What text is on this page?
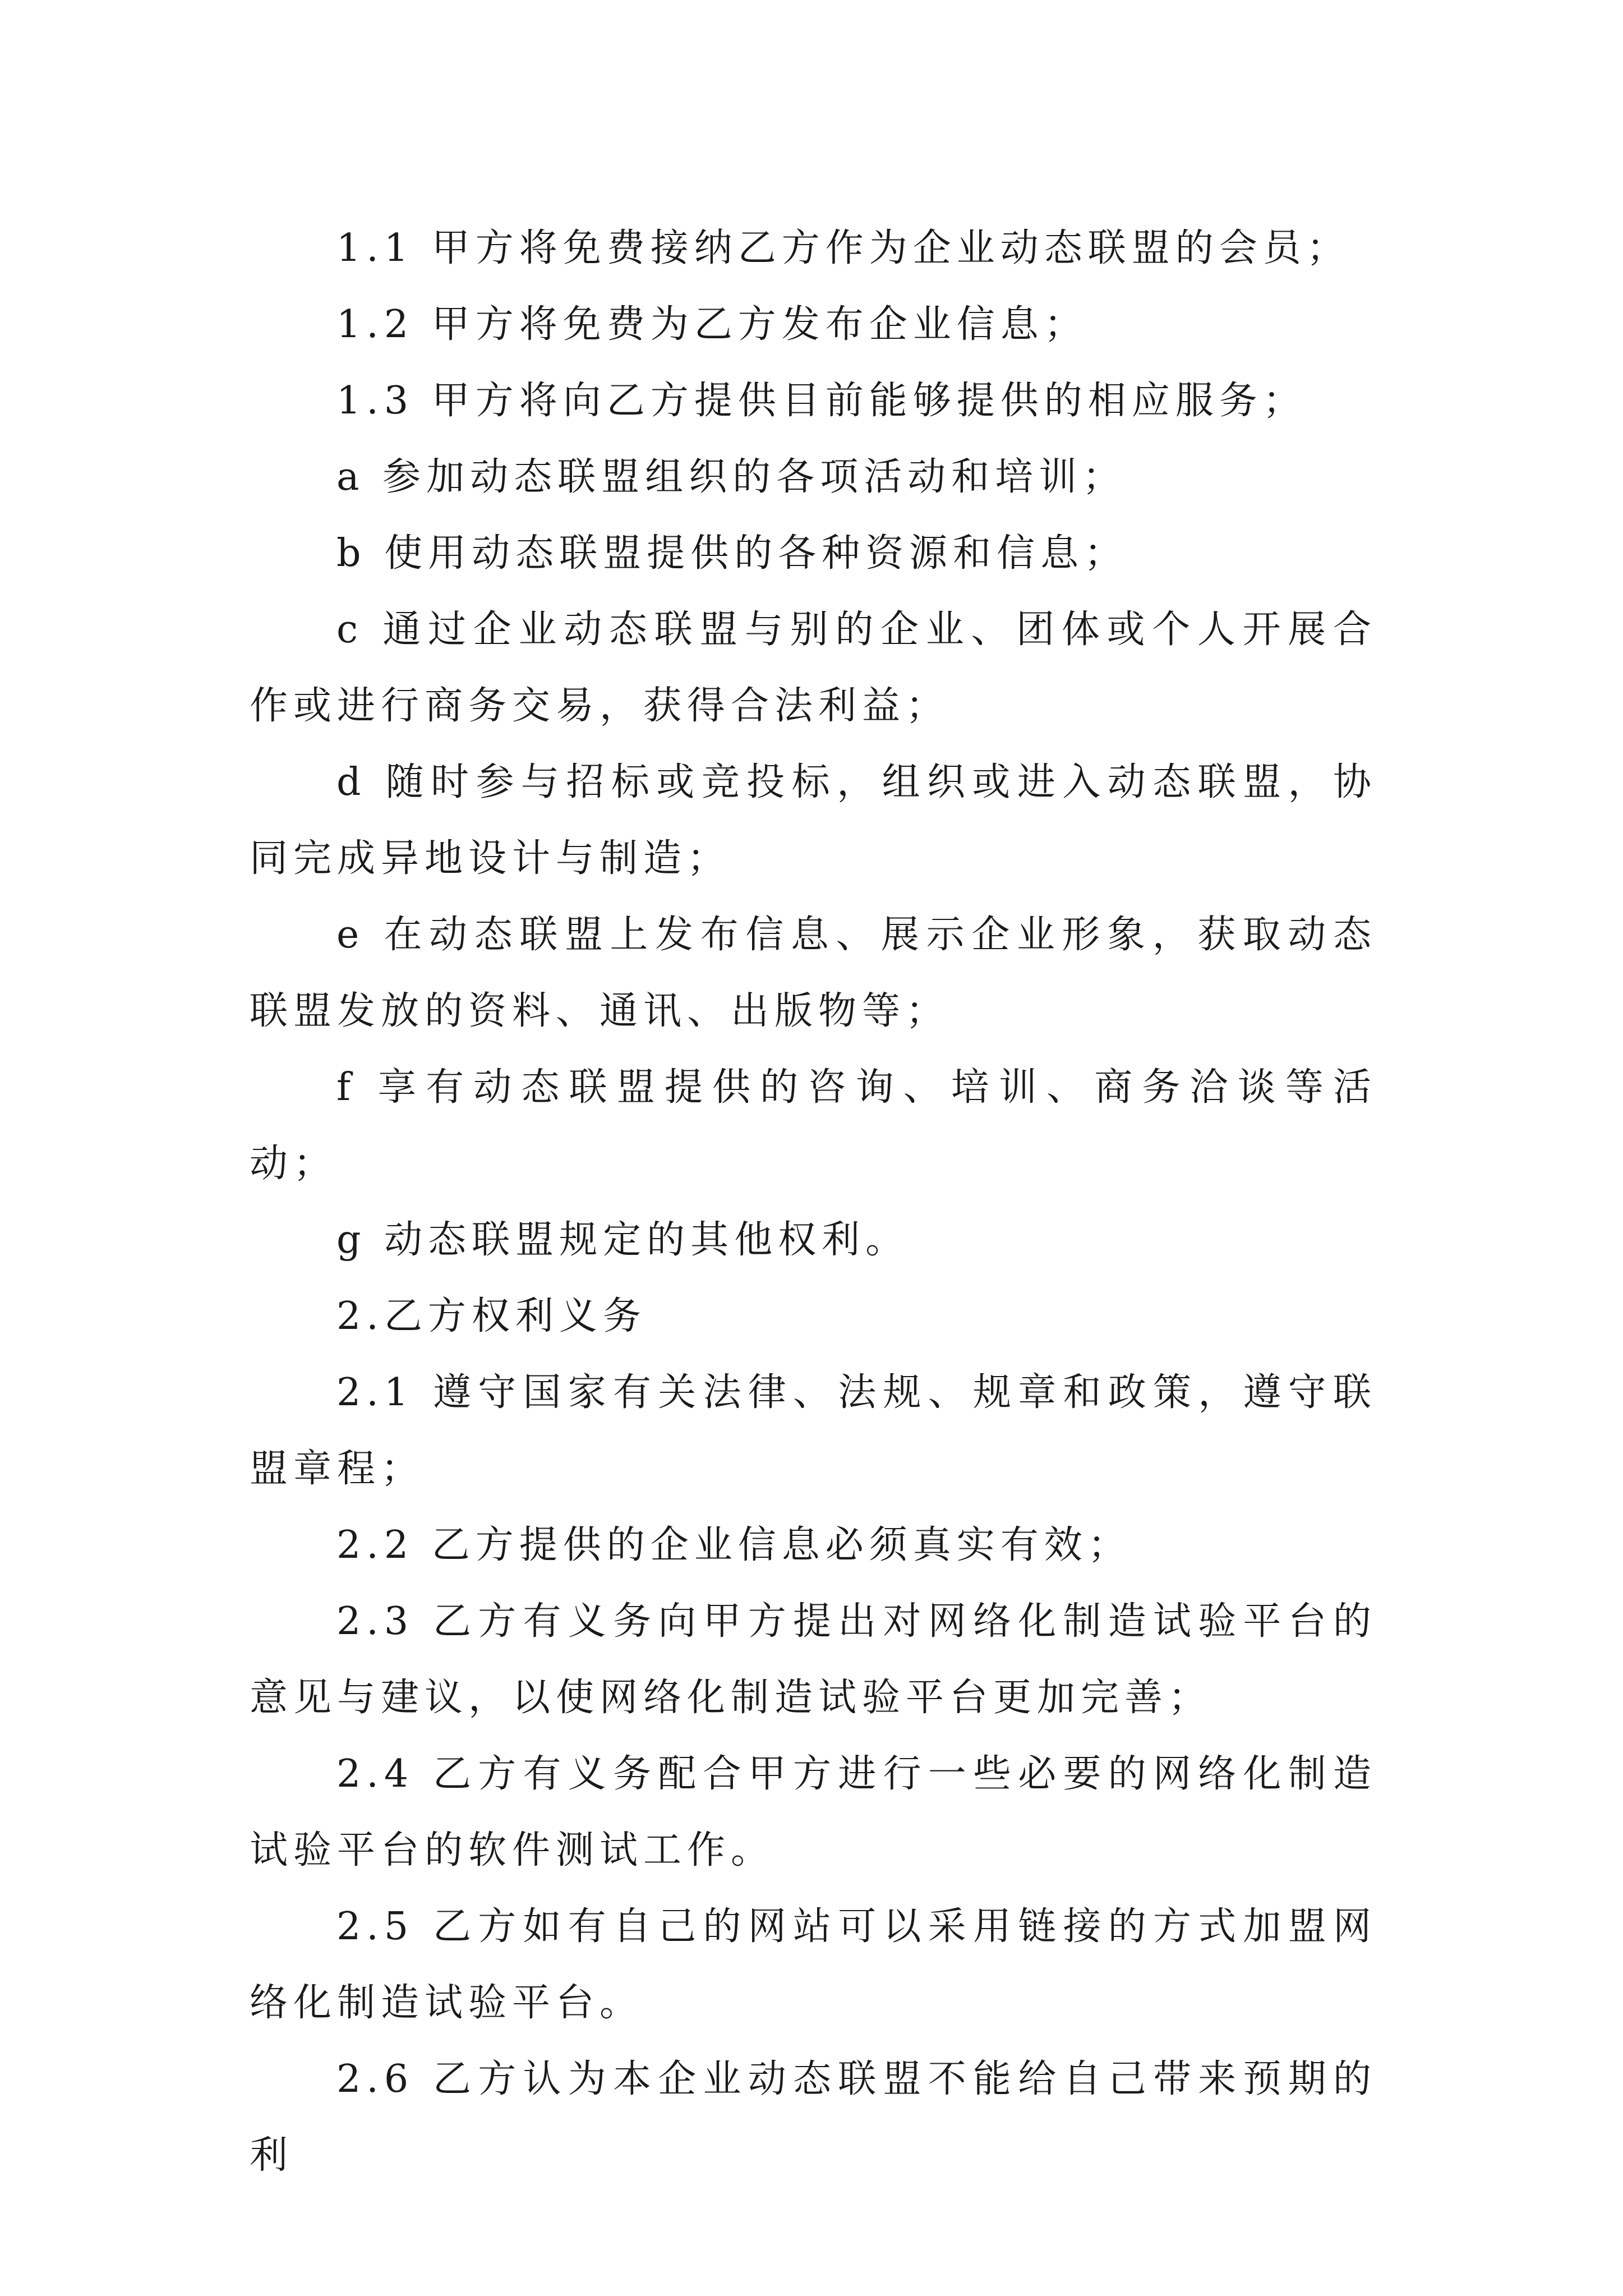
1.1 甲方将免费接纳乙方作为企业动态联盟的会员；

1.2 甲方将免费为乙方发布企业信息；

1.3 甲方将向乙方提供目前能够提供的相应服务；

a 参加动态联盟组织的各项活动和培训；

b 使用动态联盟提供的各种资源和信息；

c 通过企业动态联盟与别的企业、团体或个人开展合作或进行商务交易，获得合法利益；

d 随时参与招标或竞投标，组织或进入动态联盟，协同完成异地设计与制造；

e 在动态联盟上发布信息、展示企业形象，获取动态联盟发放的资料、通讯、出版物等；

f 享有动态联盟提供的咨询、培训、商务洽谈等活动；

g 动态联盟规定的其他权利。

2.乙方权利义务

2.1 遵守国家有关法律、法规、规章和政策，遵守联盟章程；

2.2 乙方提供的企业信息必须真实有效；

2.3 乙方有义务向甲方提出对网络化制造试验平台的意见与建议，以使网络化制造试验平台更加完善；

2.4 乙方有义务配合甲方进行一些必要的网络化制造试验平台的软件测试工作。

2.5 乙方如有自己的网站可以采用链接的方式加盟网络化制造试验平台。

2.6 乙方认为本企业动态联盟不能给自己带来预期的利
